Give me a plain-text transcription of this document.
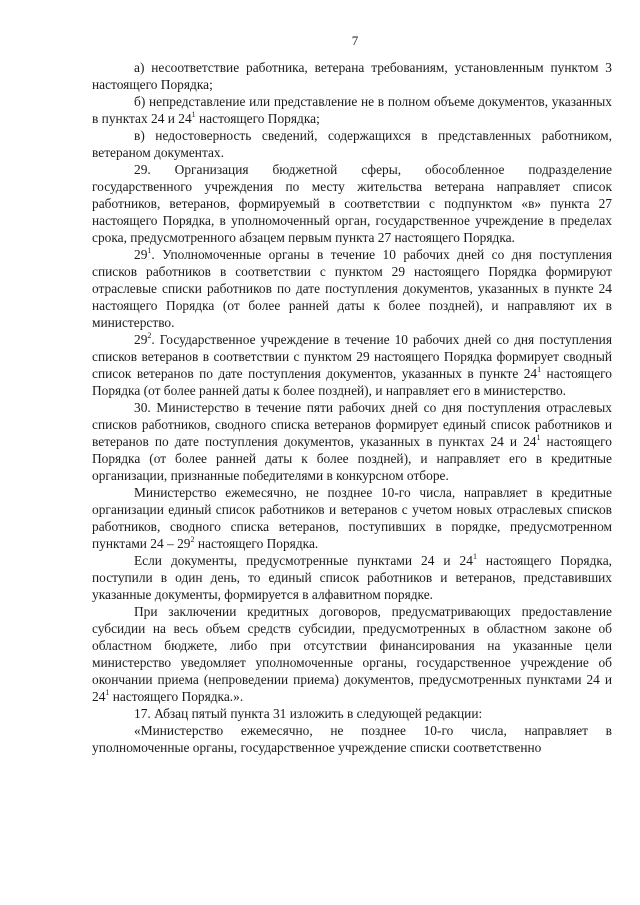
7

а) несоответствие работника, ветерана требованиям, установленным пунктом 3 настоящего Порядка;

б) непредставление или представление не в полном объеме документов, указанных в пунктах 24 и $24^1$ настоящего Порядка;

в) недостоверность сведений, содержащихся в представленных работником, ветераном документах.

29. Организация бюджетной сферы, обособленное подразделение государственного учреждения по месту жительства ветерана направляет список работников, ветеранов, формируемый в соответствии с подпунктом «в» пункта 27 настоящего Порядка, в уполномоченный орган, государственное учреждение в пределах срока, предусмотренного абзацем первым пункта 27 настоящего Порядка.

$29^1$. Уполномоченные органы в течение 10 рабочих дней со дня поступления списков работников в соответствии с пунктом 29 настоящего Порядка формируют отраслевые списки работников по дате поступления документов, указанных в пункте 24 настоящего Порядка (от более ранней даты к более поздней), и направляют их в министерство.

$29^2$. Государственное учреждение в течение 10 рабочих дней со дня поступления списков ветеранов в соответствии с пунктом 29 настоящего Порядка формирует сводный список ветеранов по дате поступления документов, указанных в пункте $24^1$ настоящего Порядка (от более ранней даты к более поздней), и направляет его в министерство.

30. Министерство в течение пяти рабочих дней со дня поступления отраслевых списков работников, сводного списка ветеранов формирует единый список работников и ветеранов по дате поступления документов, указанных в пунктах 24 и $24^1$ настоящего Порядка (от более ранней даты к более поздней), и направляет его в кредитные организации, признанные победителями в конкурсном отборе.

Министерство ежемесячно, не позднее 10-го числа, направляет в кредитные организации единый список работников и ветеранов с учетом новых отраслевых списков работников, сводного списка ветеранов, поступивших в порядке, предусмотренном пунктами $24 - 29^2$ настоящего Порядка.

Если документы, предусмотренные пунктами 24 и $24^1$ настоящего Порядка, поступили в один день, то единый список работников и ветеранов, представивших указанные документы, формируется в алфавитном порядке.

При заключении кредитных договоров, предусматривающих предоставление субсидии на весь объем средств субсидии, предусмотренных в областном законе об областном бюджете, либо при отсутствии финансирования на указанные цели министерство уведомляет уполномоченные органы, государственное учреждение об окончании приема (непроведении приема) документов, предусмотренных пунктами 24 и $24^1$ настоящего Порядка.».

17. Абзац пятый пункта 31 изложить в следующей редакции:

«Министерство ежемесячно, не позднее 10-го числа, направляет в уполномоченные органы, государственное учреждение списки соответственно
